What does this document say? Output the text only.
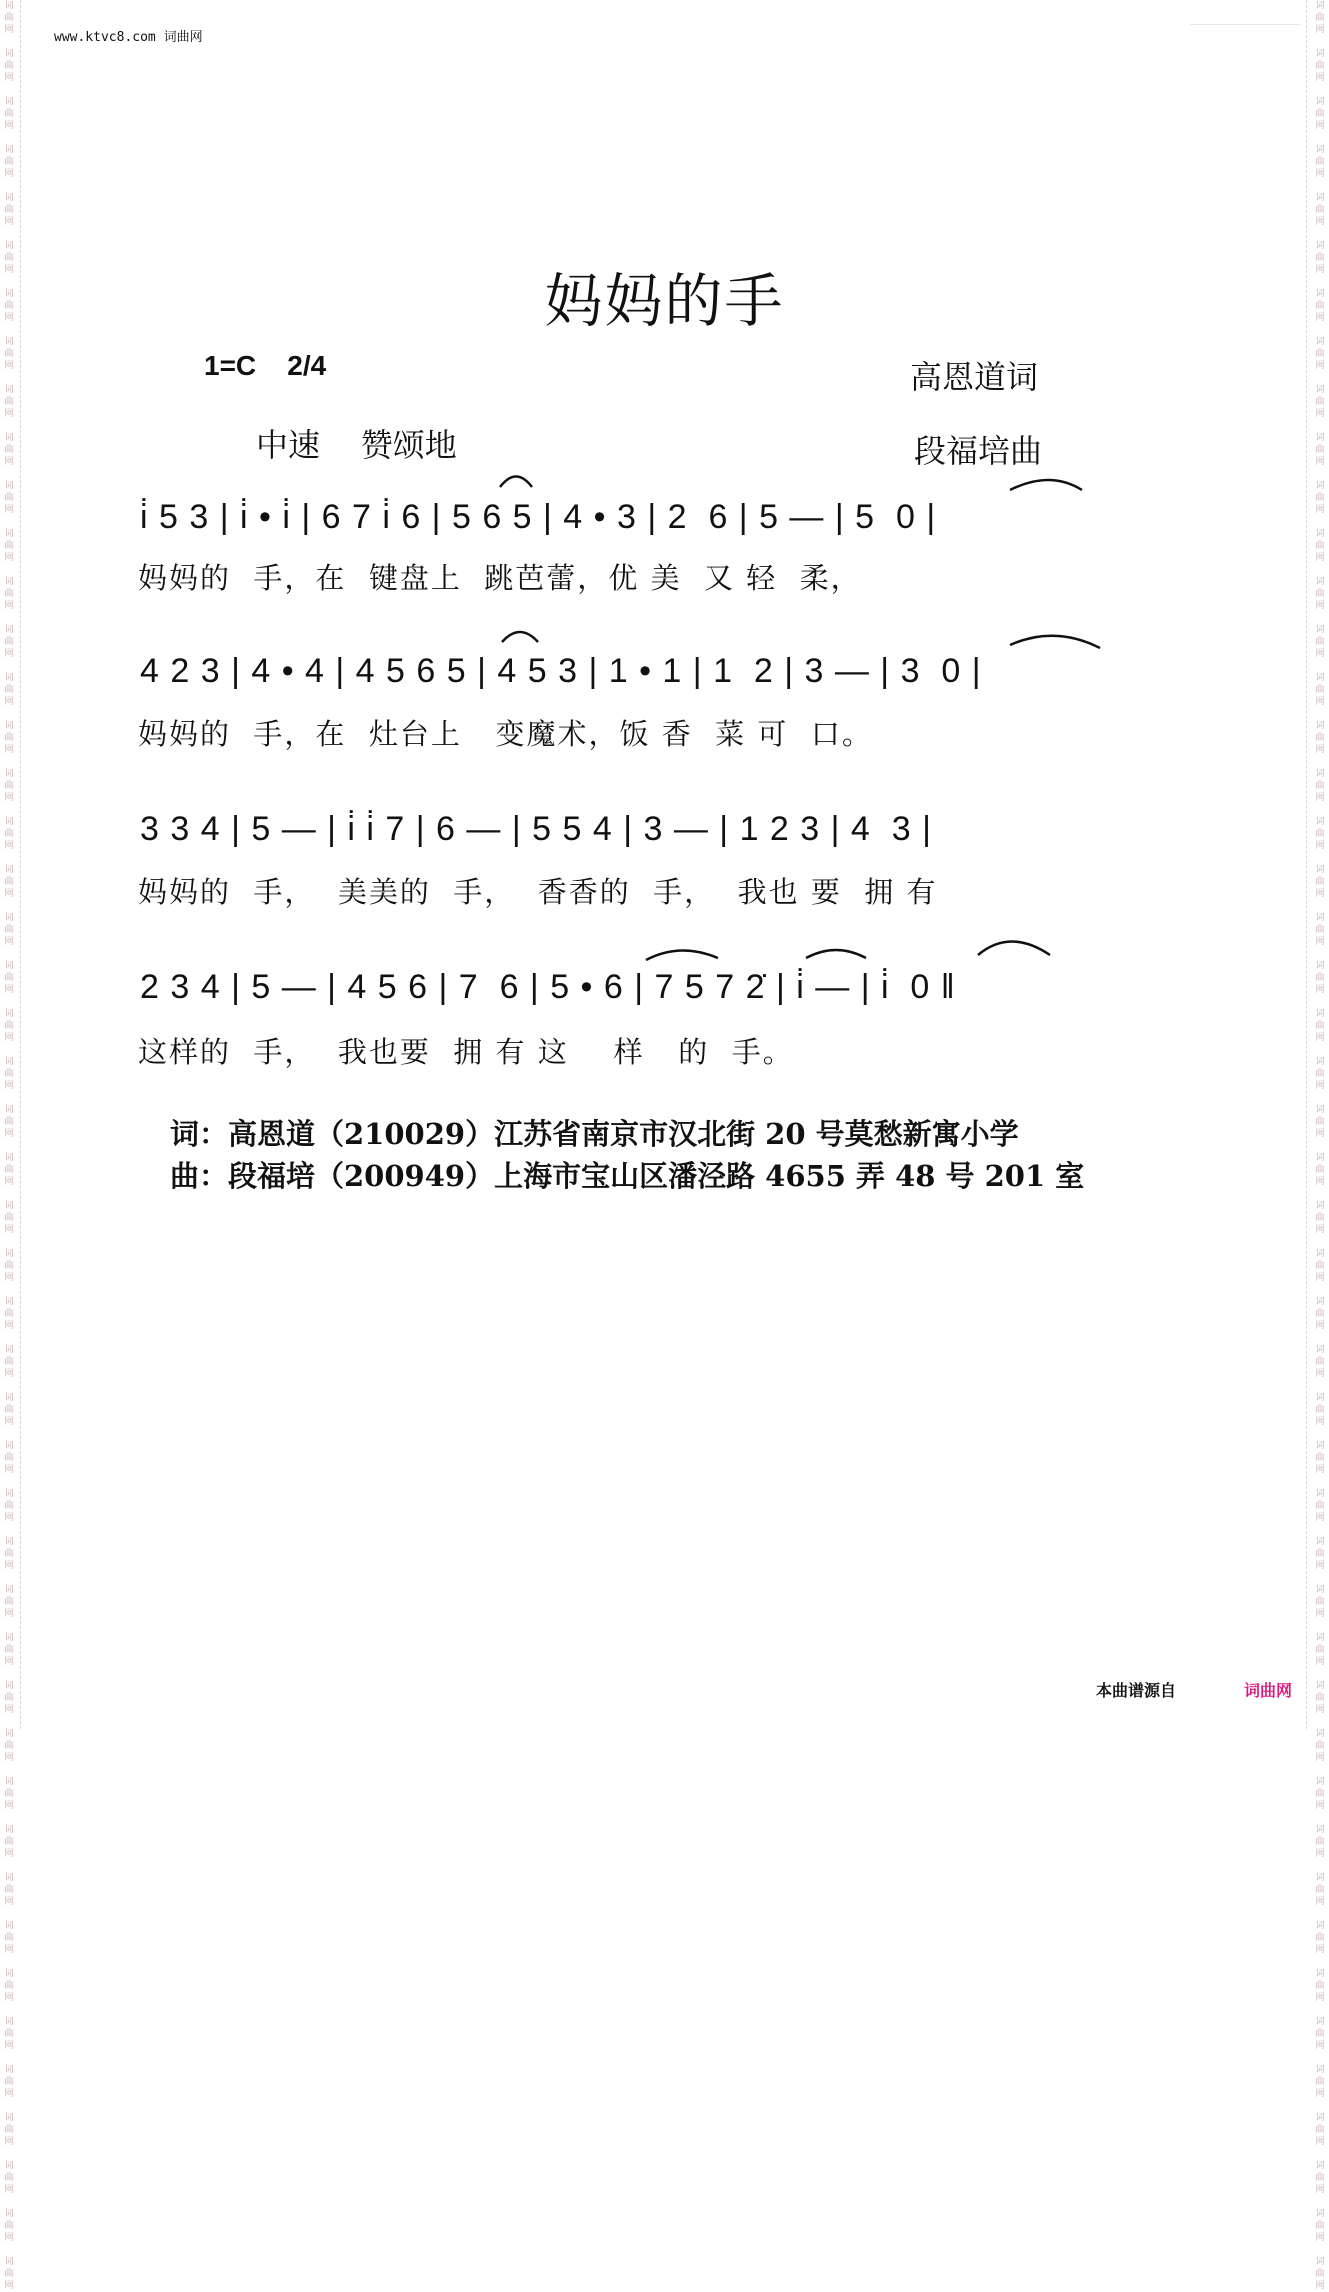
词
曲
网

词
曲
网

词
曲
网

词
曲
网

词
曲
网

词
曲
网

词
曲
网

词
曲
网

词
曲
网

词
曲
网

词
曲
网

词
曲
网

词
曲
网

词
曲
网

词
曲
网

词
曲
网

词
曲
网

词
曲
网

词
曲
网

词
曲
网

词
曲
网

词
曲
网

词
曲
网

词
曲
网

词
曲
网

词
曲
网

词
曲
网

词
曲
网

词
曲
网

词
曲
网

词
曲
网

词
曲
网

词
曲
网

词
曲
网

词
曲
网

词
曲
网

词
曲
网

词
曲
网

词
曲
网

词
曲
网

词
曲
网

词
曲
网

词
曲
网

词
曲
网

词
曲
网

词
曲
网

词
曲
网

词
曲
网

词
曲
网

词
曲
网

词
曲
网

词
曲
网

词
曲
网

词
曲
网

词
曲
网

词
曲
网

词
曲
网

词
曲
网

词
曲
网

词
曲
网

词
曲
网

词
曲
网

词
曲
网

词
曲
网

词
曲
网

词
曲
网

词
曲
网

词
曲
网

词
曲
网

词
曲
网

词
曲
网

词
曲
网

词
曲
网

词
曲
网

词
曲
网

词
曲
网

词
曲
网

词
曲
网

词
曲
网

词
曲
网

词
曲
网

词
曲
网

词
曲
网

词
曲
网

词
曲
网

词
曲
网

词
曲
网

词
曲
网

词
曲
网

词
曲
网

词
曲
网

词
曲
网

词
曲
网

词
曲
网

词
曲
网

词
曲
网

www.ktvc8.com 词曲网
妈妈的手
1=C 2/4
中速 赞颂地
高恩道词
段福培曲
i̇ 5 3 | i̇ • i̇ | 6 7 i̇ 6 | 5 6 5 | 4 • 3 | 2  6 | 5 — | 5  0 |
妈妈的  手，在  键盘上  跳芭蕾，优 美  又 轻  柔，
4 2 3 | 4 • 4 | 4 5 6 5 | 4 5 3 | 1 • 1 | 1  2 | 3 — | 3  0 |
妈妈的  手，在  灶台上   变魔术，饭 香  菜 可  口。
3 3 4 | 5 — | i̇ i̇ 7 | 6 — | 5 5 4 | 3 — | 1 2 3 | 4  3 |
妈妈的  手，  美美的  手，  香香的  手，  我也 要  拥 有
2 3 4 | 5 — | 4 5 6 | 7  6 | 5 • 6 | 7 5 7 2̇ | i̇ — | i̇  0 ‖
这样的  手，  我也要  拥 有 这    样   的  手。
词：高恩道（210029）江苏省南京市汉北街 20 号莫愁新寓小学
曲：段福培（200949）上海市宝山区潘泾路 4655 弄 48 号 201 室
本曲谱源自	词曲网
